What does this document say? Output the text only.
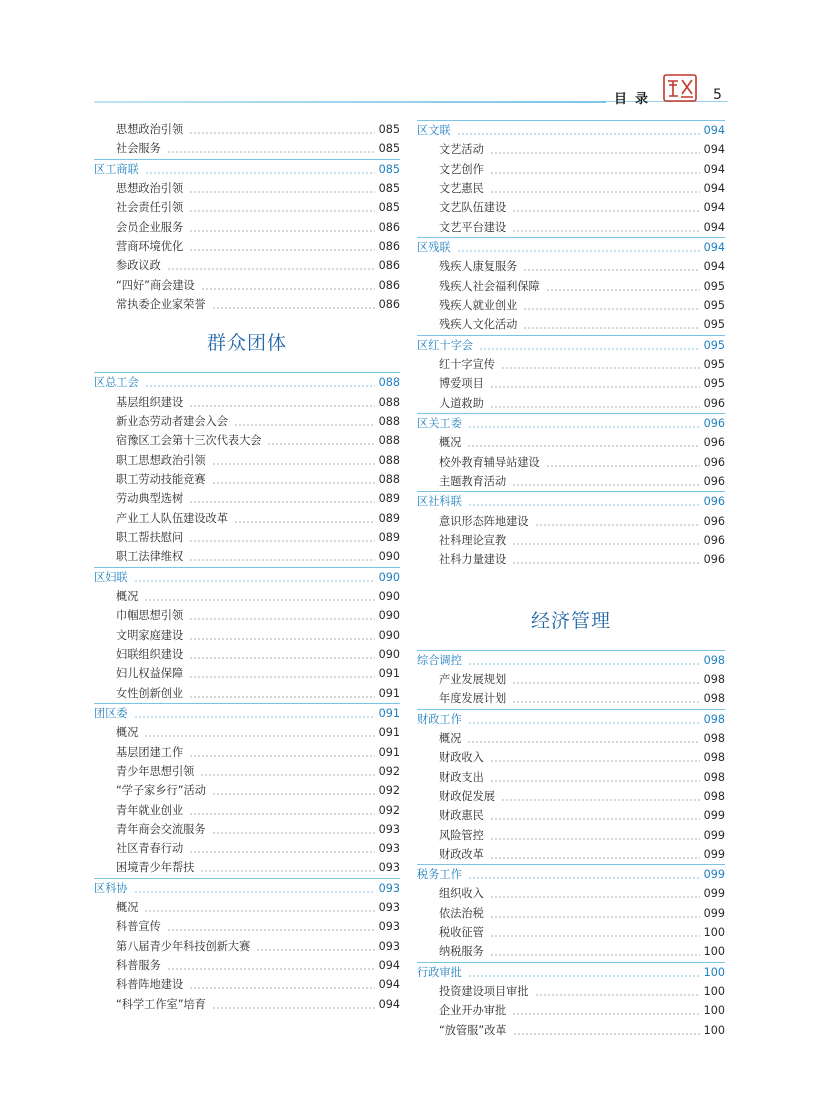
目录	5
思想政治引领	085
社会服务	085
区工商联	085
思想政治引领	085
社会责任引领	085
会员企业服务	086
营商环境优化	086
参政议政	086
“四好”商会建设	086
常执委企业家荣誉	086
群众团体
区总工会	088
基层组织建设	088
新业态劳动者建会入会	088
宿豫区工会第十三次代表大会	088
职工思想政治引领	088
职工劳动技能竞赛	088
劳动典型选树	089
产业工人队伍建设改革	089
职工帮扶慰问	089
职工法律维权	090
区妇联	090
概况	090
巾帼思想引领	090
文明家庭建设	090
妇联组织建设	090
妇儿权益保障	091
女性创新创业	091
团区委	091
概况	091
基层团建工作	091
青少年思想引领	092
“学子家乡行”活动	092
青年就业创业	092
青年商会交流服务	093
社区青春行动	093
困境青少年帮扶	093
区科协	093
概况	093
科普宣传	093
第八届青少年科技创新大赛	093
科普服务	094
科普阵地建设	094
“科学工作室”培育	094
区文联	094
文艺活动	094
文艺创作	094
文艺惠民	094
文艺队伍建设	094
文艺平台建设	094
区残联	094
残疾人康复服务	094
残疾人社会福利保障	095
残疾人就业创业	095
残疾人文化活动	095
区红十字会	095
红十字宣传	095
博爱项目	095
人道救助	096
区关工委	096
概况	096
校外教育辅导站建设	096
主题教育活动	096
区社科联	096
意识形态阵地建设	096
社科理论宣教	096
社科力量建设	096
经济管理
综合调控	098
产业发展规划	098
年度发展计划	098
财政工作	098
概况	098
财政收入	098
财政支出	098
财政促发展	098
财政惠民	099
风险管控	099
财政改革	099
税务工作	099
组织收入	099
依法治税	099
税收征管	100
纳税服务	100
行政审批	100
投资建设项目审批	100
企业开办审批	100
“放管服”改革	100
